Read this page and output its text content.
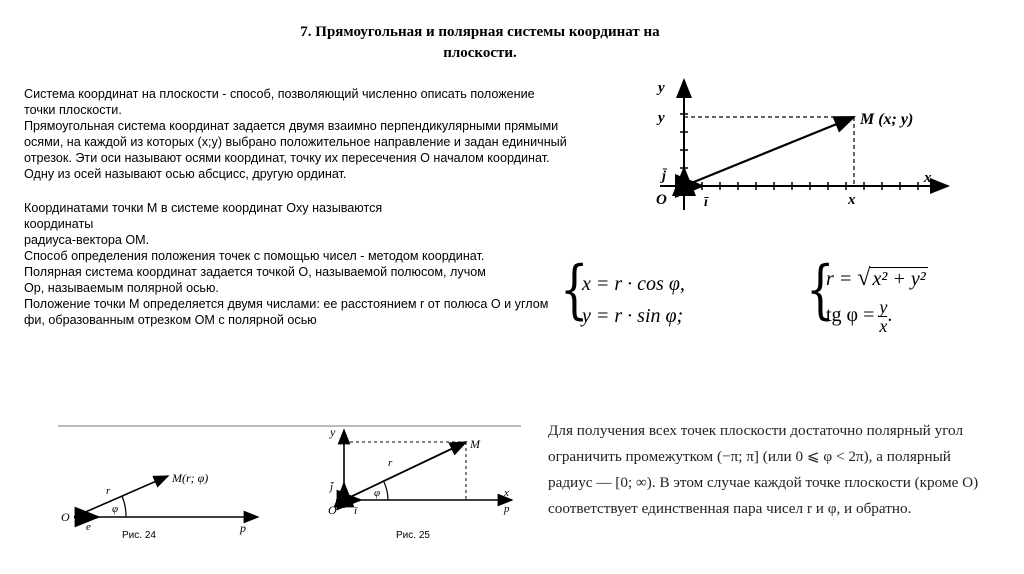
7. Прямоугольная и полярная системы координат на
плоскости.

Система координат на плоскости - способ, позволяющий численно описать положение точки плоскости.

Прямоугольная система координат задается двумя взаимно перпендикулярными прямыми осями, на каждой из которых (x;y) выбрано положительное направление и задан единичный отрезок. Эти оси называют осями координат, точку их пересечения O началом координат. Одну из осей называют осью абсцисс, другую ординат.

Координатами точки M в системе координат Oxy называются

координаты

радиуса-вектора OM.

Способ определения положения точек с помощью чисел - методом координат.

Полярная система координат задается точкой O, называемой полюсом, лучом

Op, называемым полярной осью.

Положение точки M определяется двумя числами: ее расстоянием r от полюса O и углом фи, образованным отрезком OM с полярной осью

y
x
y
x
M (x; y)
O
j̄
ī
{
x = r · cos φ,
y = r · sin φ; {
r = √ x² + y²
tg $\varphi = \frac{y}{x}$ .
M(r; φ)
r
φ
O
e	p
Рис. 24
y
M
r
φ
O
j̄
ī
x
p
Рис. 25

Для получения всех точек плоскости достаточно полярный угол

ограничить промежутком (−π; π] (или 0 ⩽ φ < 2π), а полярный

радиус — [0; ∞). В этом случае каждой точке плоскости (кроме O)

соответствует единственная пара чисел r и φ, и обратно.
